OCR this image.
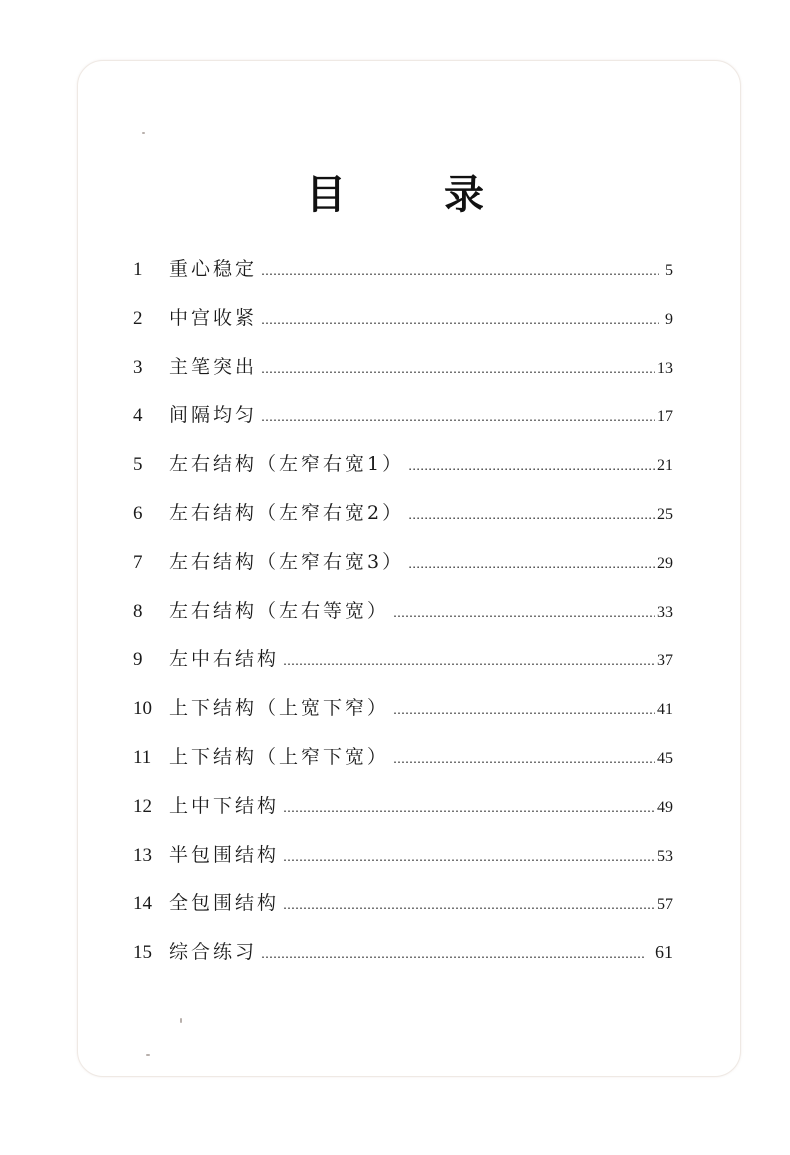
目 录
1	重心稳定 …………………………………………………………………………………………………………	5
2	中宫收紧 …………………………………………………………………………………………………………	9
3	主笔突出 …………………………………………………………………………………………………………	13
4	间隔均匀 …………………………………………………………………………………………………………	17
5	左右结构（左窄右宽1） …………………………………………………………………………………………………………	21
6	左右结构（左窄右宽2） …………………………………………………………………………………………………………	25
7	左右结构（左窄右宽3） …………………………………………………………………………………………………………	29
8	左右结构（左右等宽） …………………………………………………………………………………………………………	33
9	左中右结构 …………………………………………………………………………………………………………	37
10 上下结构（上宽下窄） …………………………………………………………………………………………………………	41
11 上下结构（上窄下宽） …………………………………………………………………………………………………………	45
12 上中下结构 …………………………………………………………………………………………………………	49
13 半包围结构 …………………………………………………………………………………………………………	53
14 全包围结构 …………………………………………………………………………………………………………	57
15 综合练习 …………………………………………………………………………………………………………	61
